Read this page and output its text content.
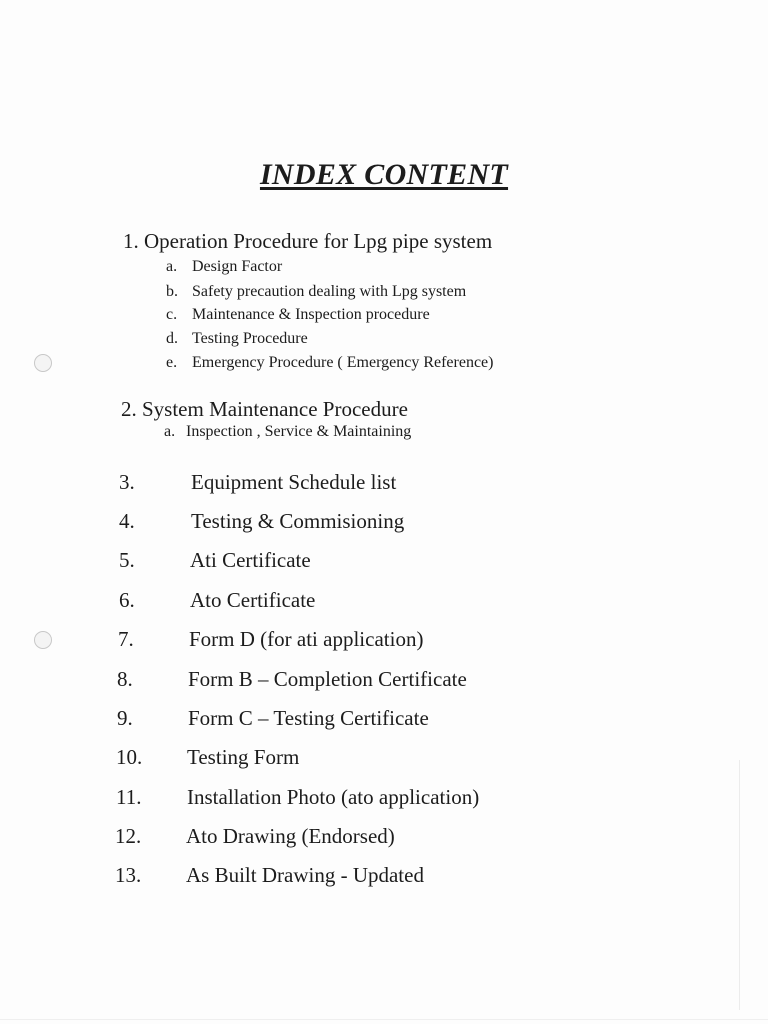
INDEX CONTENT
1. Operation Procedure for Lpg pipe system
a. Design Factor
b. Safety precaution dealing with Lpg system
c. Maintenance & Inspection procedure
d. Testing Procedure
e. Emergency Procedure ( Emergency Reference)
2. System Maintenance Procedure
a. Inspection , Service & Maintaining
3.	Equipment Schedule list
4.	Testing & Commisioning
5.	Ati Certificate
6.	Ato Certificate
7.	Form D (for ati application)
8.	Form B – Completion Certificate
9.	Form C – Testing Certificate
10. Testing Form
11. Installation Photo (ato application)
12. Ato Drawing (Endorsed)
13. As Built Drawing - Updated
